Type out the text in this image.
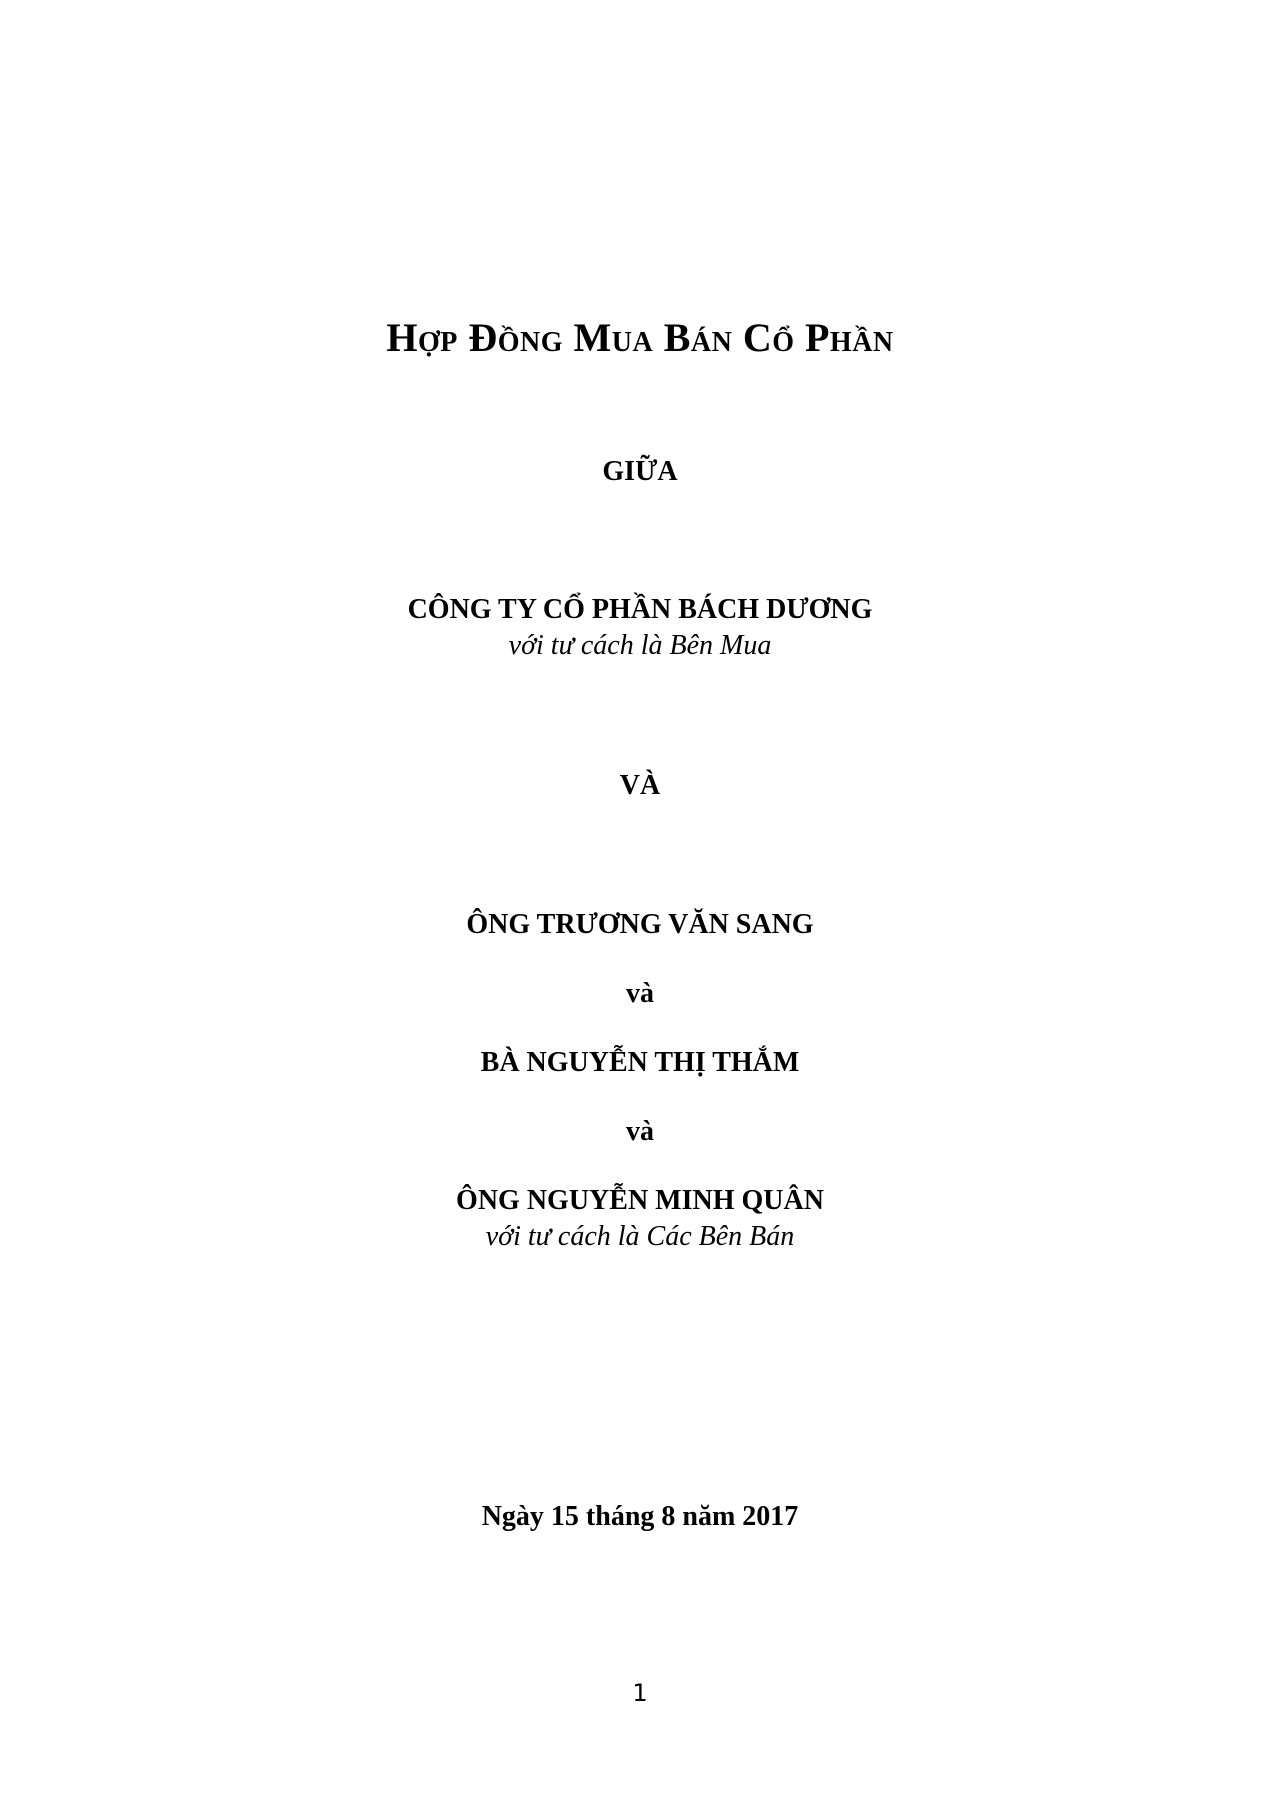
Hợp Đồng Mua Bán Cổ Phần
GIỮA
CÔNG TY CỔ PHẦN BÁCH DƯƠNG
với tư cách là Bên Mua
VÀ
ÔNG TRƯƠNG VĂN SANG
và
BÀ NGUYỄN THỊ THẮM
và
ÔNG NGUYỄN MINH QUÂN
với tư cách là Các Bên Bán
Ngày 15 tháng 8 năm 2017
1
